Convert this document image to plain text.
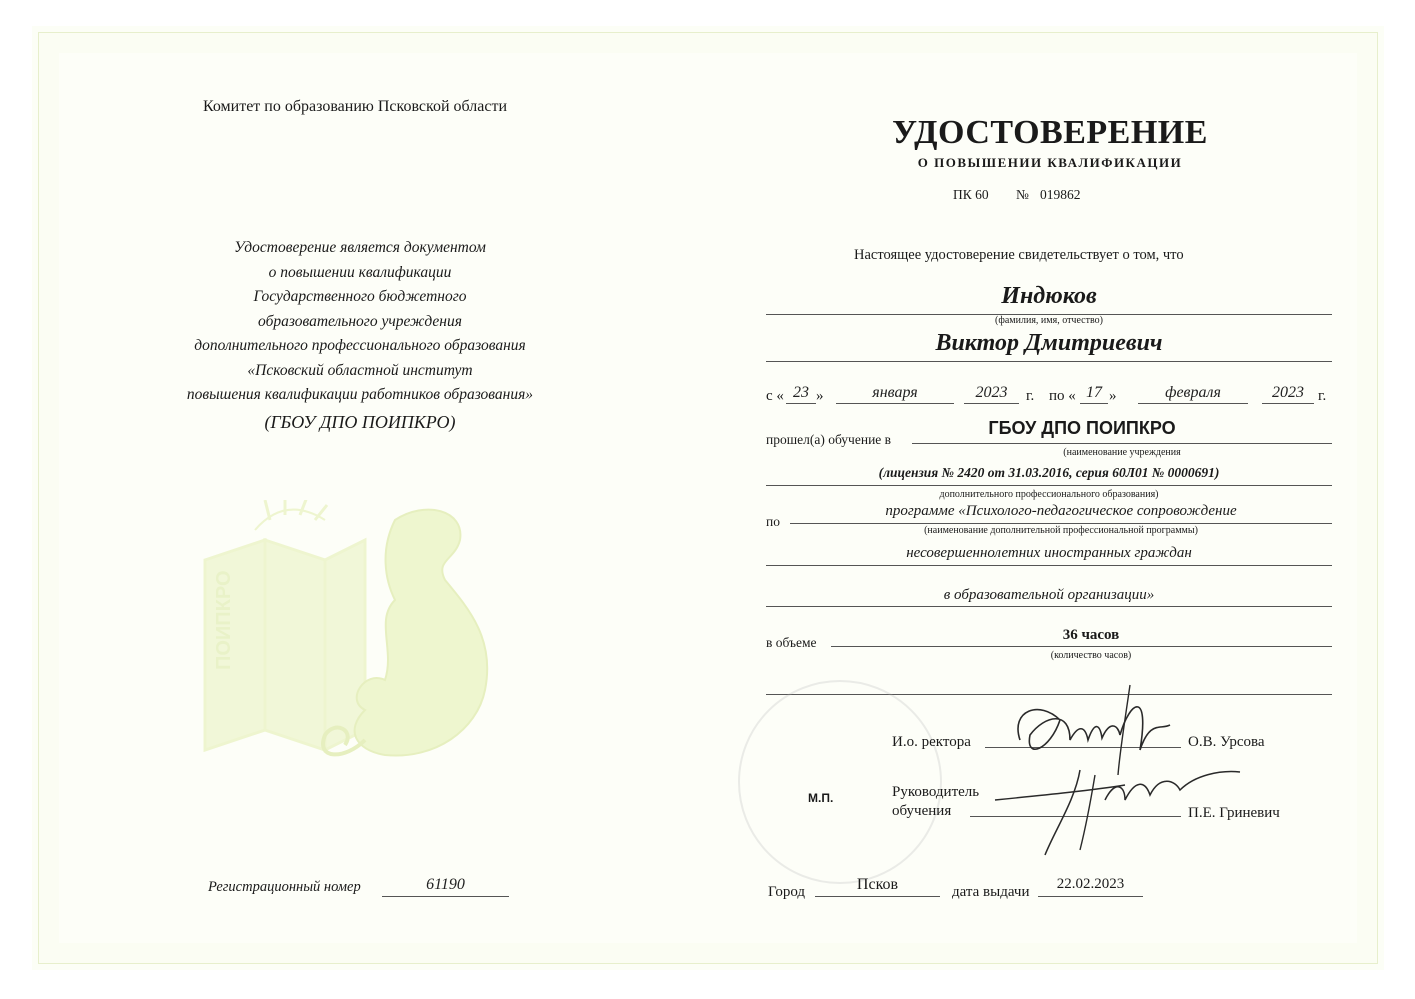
Комитет по образованию Псковской области
Удостоверение является документом
о повышении квалификации
Государственного бюджетного
образовательного учреждения
дополнительного профессионального образования
«Псковский областной институт
повышения квалификации работников образования»
(ГБОУ ДПО ПОИПКРО)
ПОИПКРО
Регистрационный номер	61190
УДОСТОВЕРЕНИЕ
О ПОВЫШЕНИИ КВАЛИФИКАЦИИ
ПК 60 № 019862
Настоящее удостоверение свидетельствует о том, что
Индюков
(фамилия, имя, отчество)
Виктор Дмитриевич
с « 23 »	января	2023	г. по « 17 »	февраля	2023 г.
прошел(а) обучение в
ГБОУ ДПО ПОИПКРО
(наименование учреждения
(лицензия № 2420 от 31.03.2016, серия 60Л01 № 0000691)
дополнительного профессионального образования)
по
программе «Психолого-педагогическое сопровождение
(наименование дополнительной профессиональной программы)
несовершеннолетних иностранных граждан
в образовательной организации»
в объеме	36 часов
(количество часов)
М.П.
И.о. ректора	О.В. Урсова
Руководитель
обучения	П.Е. Гриневич
Город	Псков	дата выдачи	22.02.2023
